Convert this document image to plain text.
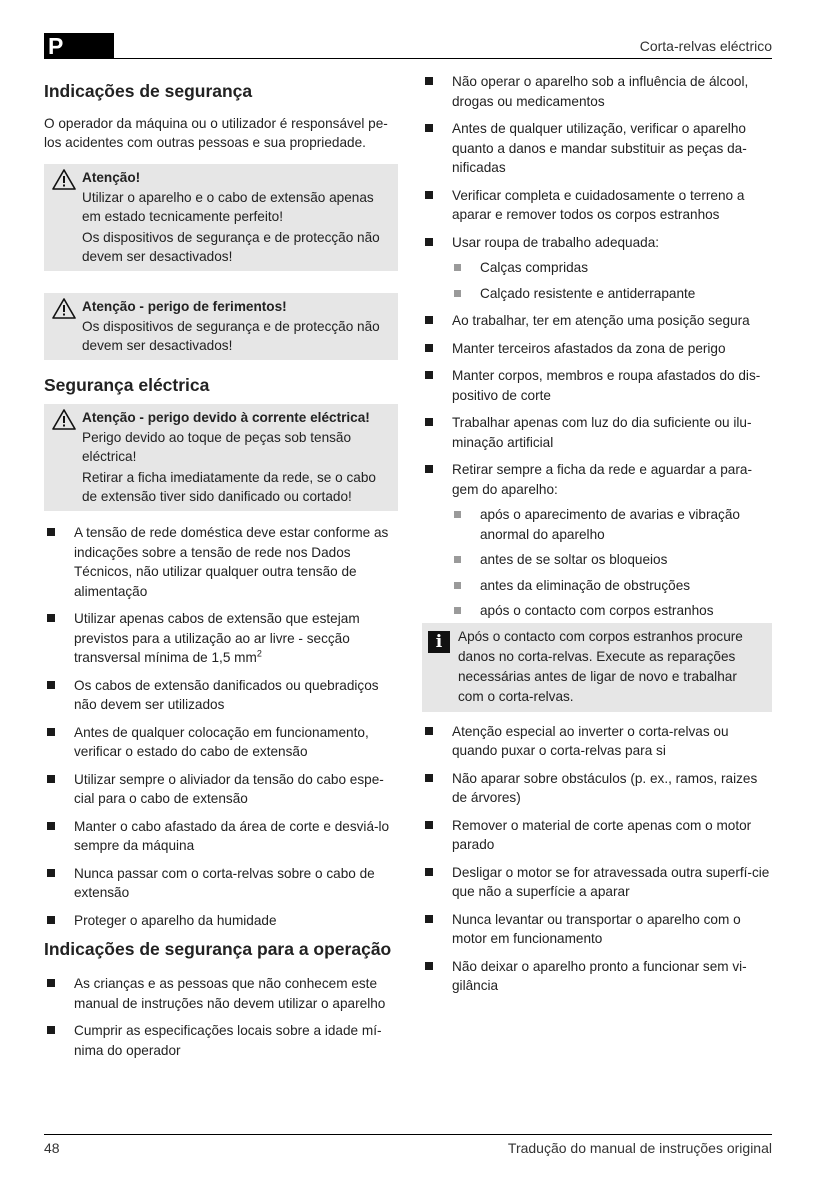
P	Corta-relvas eléctrico
Indicações de segurança

O operador da máquina ou o utilizador é responsável pe-los acidentes com outras pessoas e sua propriedade.

Atenção!
Utilizar o aparelho e o cabo de extensão apenas em estado tecnicamente perfeito!
Os dispositivos de segurança e de protecção não devem ser desactivados!
Atenção - perigo de ferimentos!
Os dispositivos de segurança e de protecção não devem ser desactivados!
Segurança eléctrica
Atenção - perigo devido à corrente eléctrica!
Perigo devido ao toque de peças sob tensão eléctrica!
Retirar a ficha imediatamente da rede, se o cabo de extensão tiver sido danificado ou cortado!
A tensão de rede doméstica deve estar conforme as indicações sobre a tensão de rede nos Dados Técnicos, não utilizar qualquer outra tensão de alimentação
Utilizar apenas cabos de extensão que estejam previstos para a utilização ao ar livre - secção transversal mínima de 1,5 $mm^2$
Os cabos de extensão danificados ou quebradiços não devem ser utilizados
Antes de qualquer colocação em funcionamento, verificar o estado do cabo de extensão
Utilizar sempre o aliviador da tensão do cabo espe-cial para o cabo de extensão
Manter o cabo afastado da área de corte e desviá-lo sempre da máquina
Nunca passar com o corta-relvas sobre o cabo de extensão
Proteger o aparelho da humidade
Indicações de segurança para a operação
As crianças e as pessoas que não conhecem este manual de instruções não devem utilizar o aparelho
Cumprir as especificações locais sobre a idade mí-nima do operador
Não operar o aparelho sob a influência de álcool, drogas ou medicamentos
Antes de qualquer utilização, verificar o aparelho quanto a danos e mandar substituir as peças da-nificadas
Verificar completa e cuidadosamente o terreno a aparar e remover todos os corpos estranhos
Usar roupa de trabalho adequada:
Calças compridas
Calçado resistente e antiderrapante
Ao trabalhar, ter em atenção uma posição segura
Manter terceiros afastados da zona de perigo
Manter corpos, membros e roupa afastados do dis-positivo de corte
Trabalhar apenas com luz do dia suficiente ou ilu-minação artificial
Retirar sempre a ficha da rede e aguardar a para-gem do aparelho:
após o aparecimento de avarias e vibração anormal do aparelho
antes de se soltar os bloqueios
antes da eliminação de obstruções
após o contacto com corpos estranhos
i	Após o contacto com corpos estranhos procure danos no corta-relvas. Execute as reparações necessárias antes de ligar de novo e trabalhar com o corta-relvas.
Atenção especial ao inverter o corta-relvas ou quando puxar o corta-relvas para si
Não aparar sobre obstáculos (p. ex., ramos, raizes de árvores)
Remover o material de corte apenas com o motor parado
Desligar o motor se for atravessada outra superfí-cie que não a superfície a aparar
Nunca levantar ou transportar o aparelho com o motor em funcionamento
Não deixar o aparelho pronto a funcionar sem vi-gilância
48	Tradução do manual de instruções original
